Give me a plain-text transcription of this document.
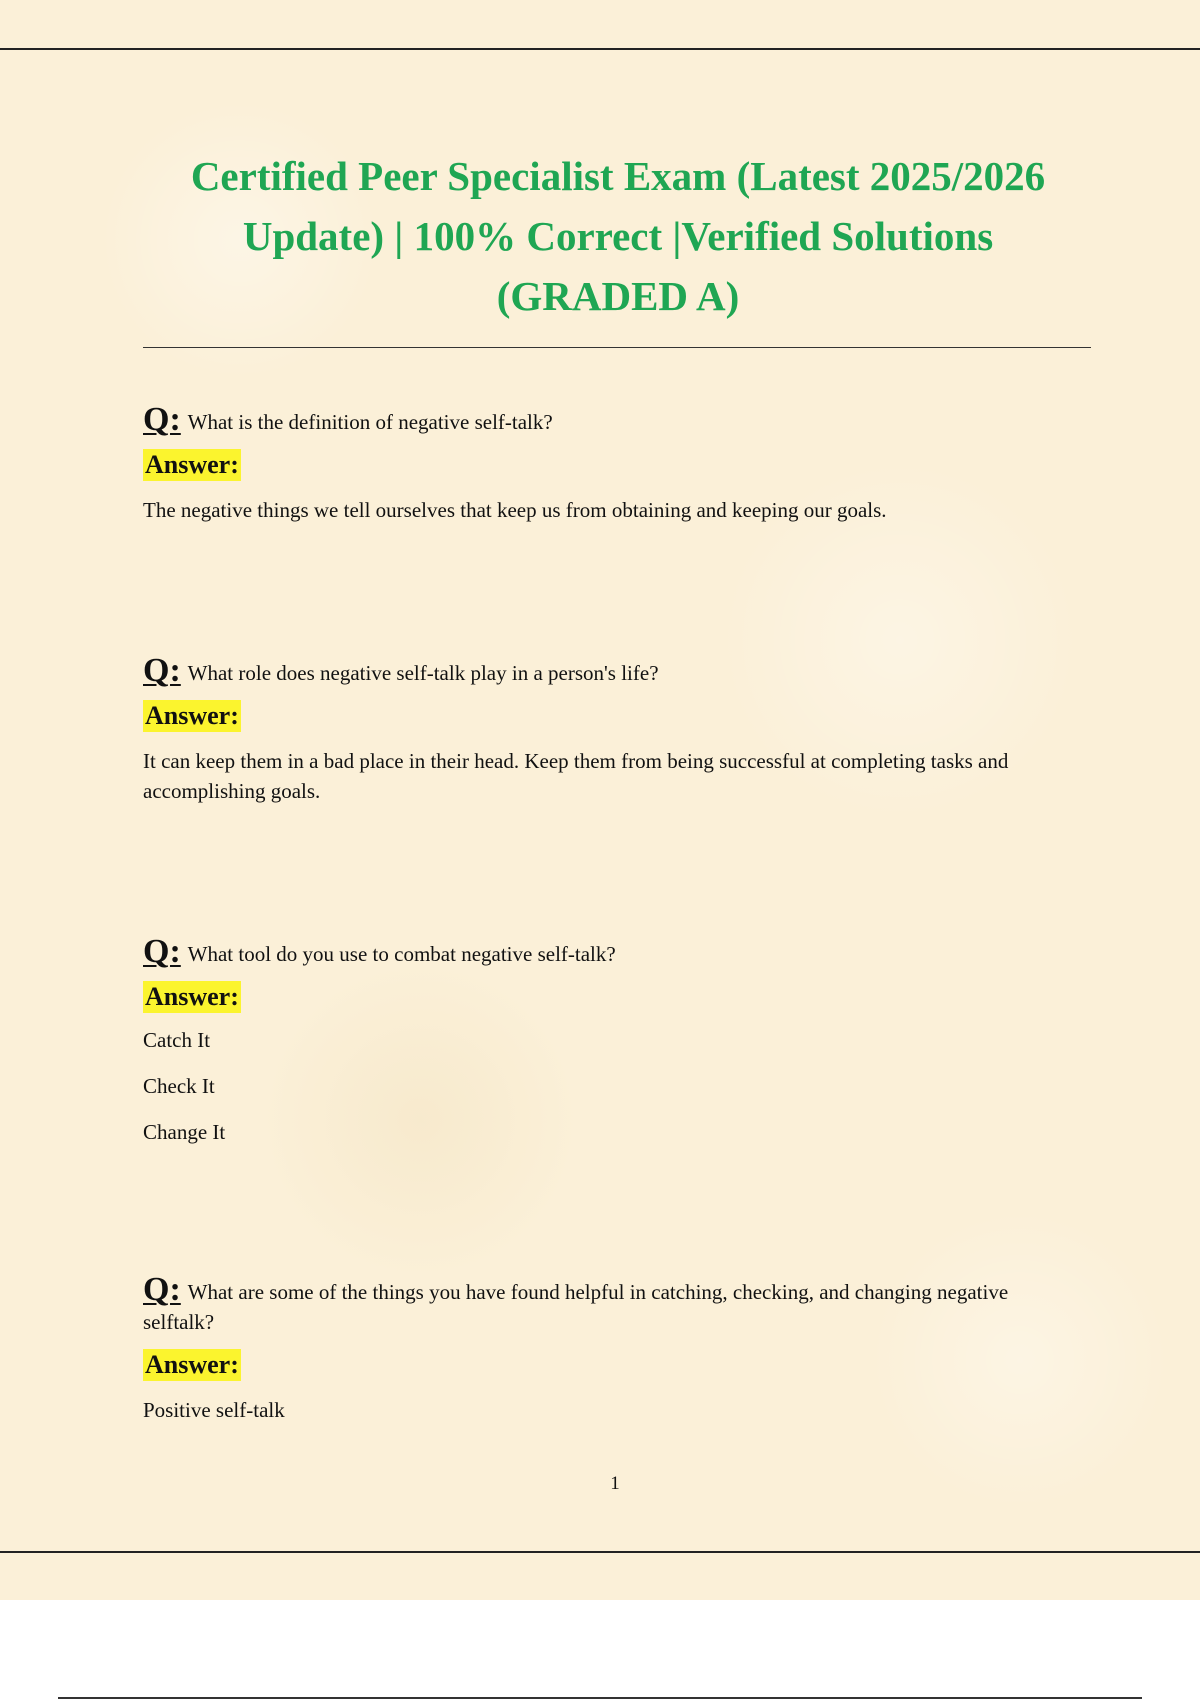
Certified Peer Specialist Exam (Latest 2025/2026 Update) | 100% Correct |Verified Solutions (GRADED A)

Q: What is the definition of negative self-talk?

Answer:

The negative things we tell ourselves that keep us from obtaining and keeping our goals.

Q: What role does negative self-talk play in a person's life?

Answer:

It can keep them in a bad place in their head. Keep them from being successful at completing tasks and accomplishing goals.

Q: What tool do you use to combat negative self-talk?

Answer:

Catch It

Check It

Change It

Q: What are some of the things you have found helpful in catching, checking, and changing negative selftalk?

Answer:

Positive self-talk

1
